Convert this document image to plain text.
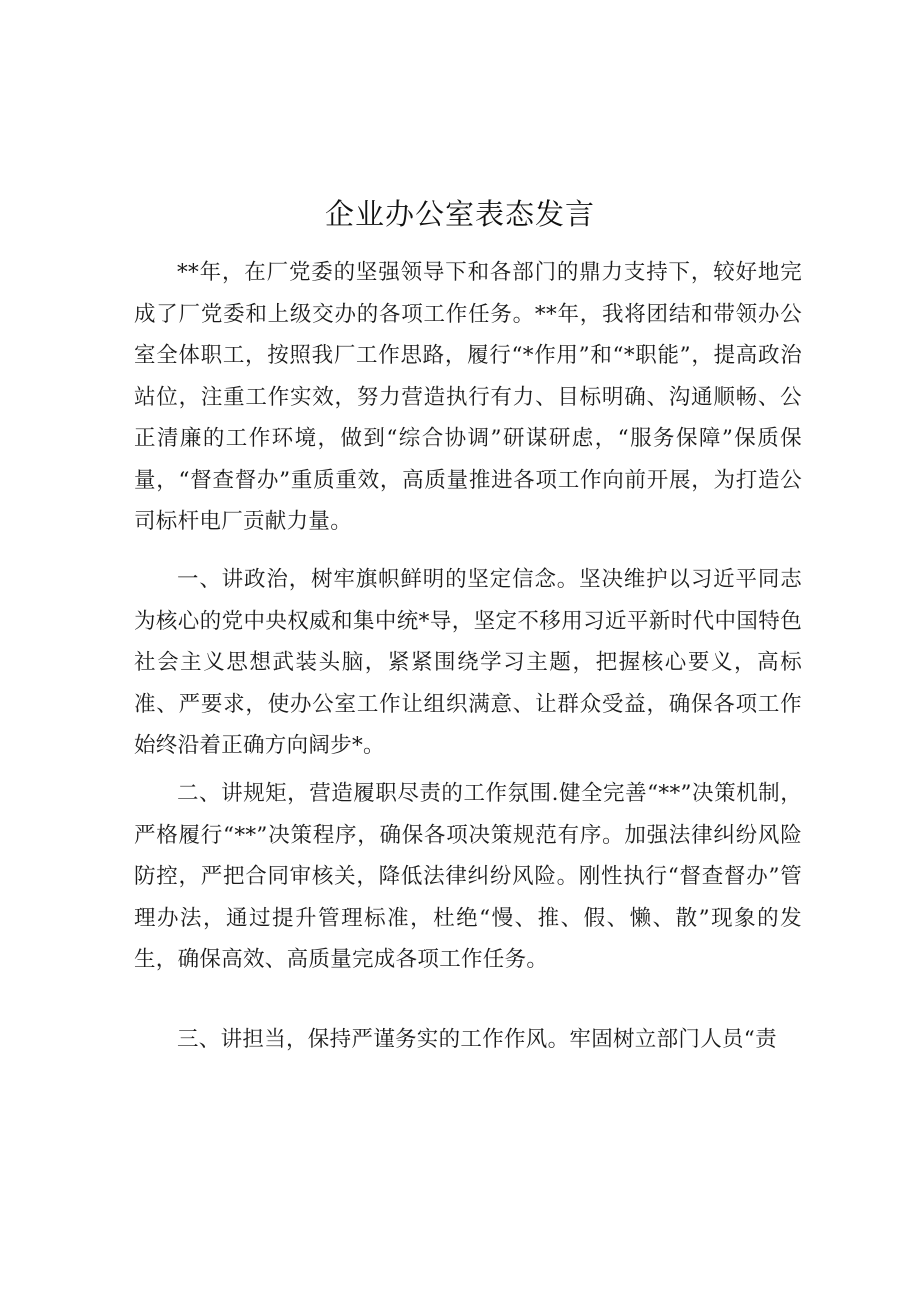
企业办公室表态发言

**年，在厂党委的坚强领导下和各部门的鼎力支持下，较好地完成了厂党委和上级交办的各项工作任务。**年，我将团结和带领办公室全体职工，按照我厂工作思路，履行“*作用”和“*职能”，提高政治站位，注重工作实效，努力营造执行有力、目标明确、沟通顺畅、公正清廉的工作环境，做到“综合协调”研谋研虑，“服务保障”保质保量，“督查督办”重质重效，高质量推进各项工作向前开展，为打造公司标杆电厂贡献力量。

一、讲政治，树牢旗帜鲜明的坚定信念。坚决维护以习近平同志为核心的党中央权威和集中统*导，坚定不移用习近平新时代中国特色社会主义思想武装头脑，紧紧围绕学习主题，把握核心要义，高标准、严要求，使办公室工作让组织满意、让群众受益，确保各项工作始终沿着正确方向阔步*。

二、讲规矩，营造履职尽责的工作氛围.健全完善“**”决策机制，严格履行“**”决策程序，确保各项决策规范有序。加强法律纠纷风险防控，严把合同审核关，降低法律纠纷风险。刚性执行“督查督办”管理办法，通过提升管理标准，杜绝“慢、推、假、懒、散”现象的发生，确保高效、高质量完成各项工作任务。

三、讲担当，保持严谨务实的工作作风。牢固树立部门人员“责
